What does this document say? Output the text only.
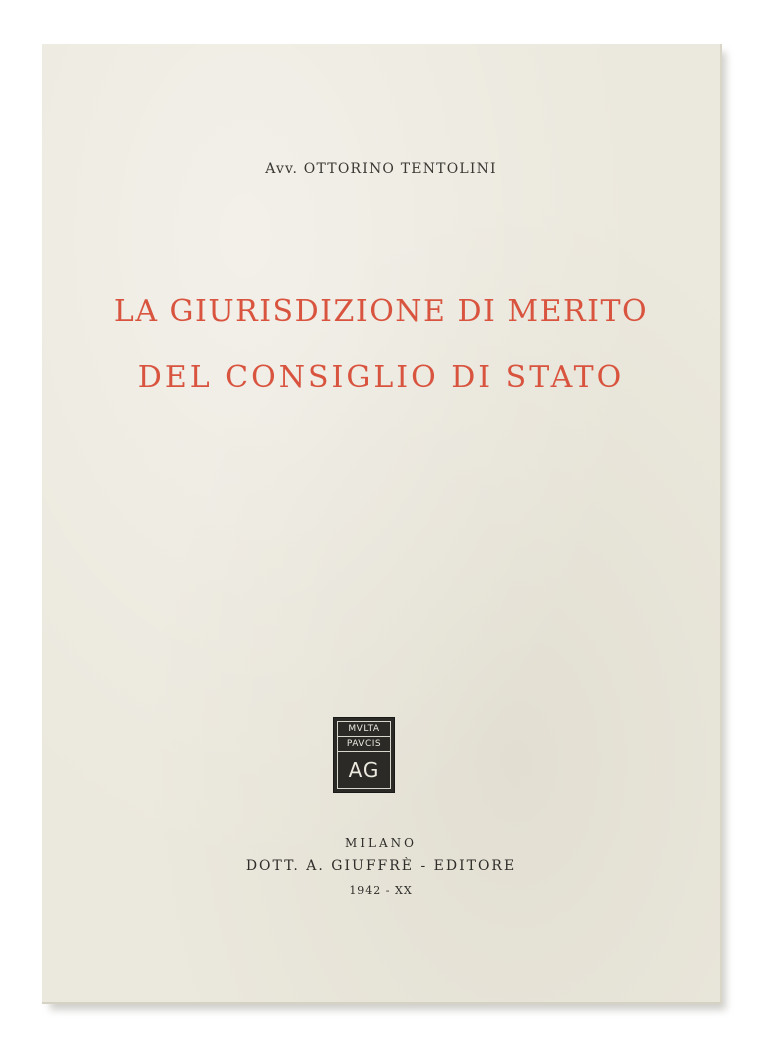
Avv. OTTORINO TENTOLINI
LA GIURISDIZIONE DI MERITO
DEL CONSIGLIO DI STATO
MVLTA
PAVCIS
AG
MILANO
DOTT. A. GIUFFRÈ - EDITORE
1942 - XX
